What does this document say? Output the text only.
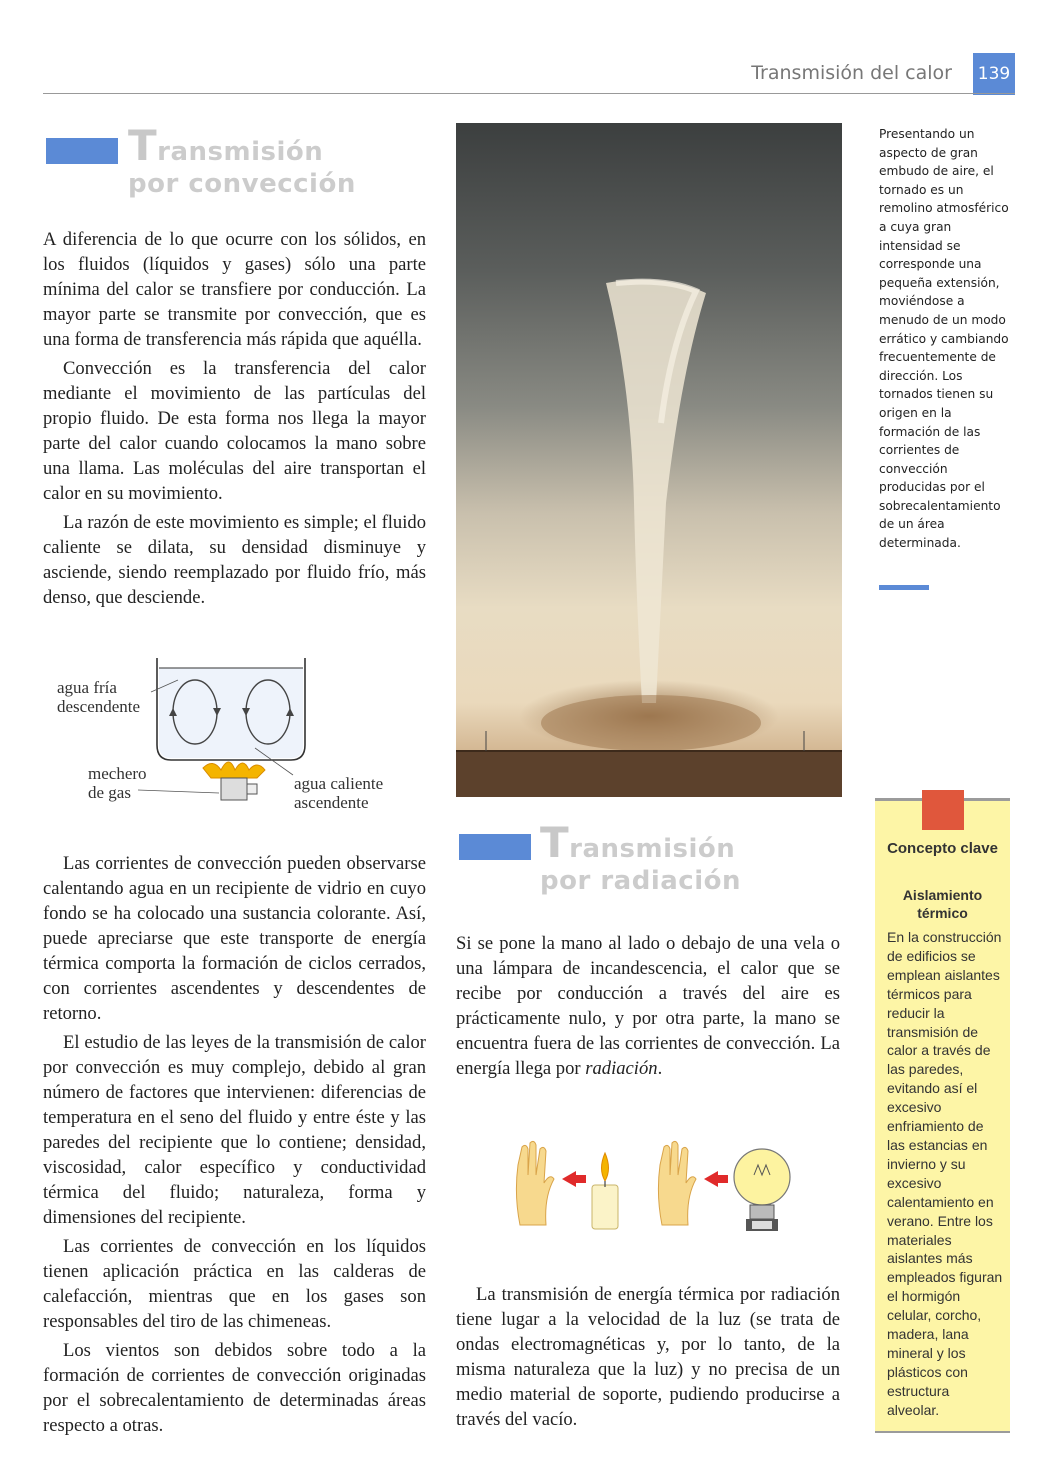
Transmisión del calor 139
Transmisión
por convección

A diferencia de lo que ocurre con los sólidos, en los fluidos (líquidos y gases) sólo una parte mínima del calor se transfiere por conducción. La mayor parte se transmite por convección, que es una forma de transferencia más rápida que aquélla.

Convección es la transferencia del calor mediante el movimiento de las partículas del propio fluido. De esta forma nos llega la mayor parte del calor cuando colocamos la mano sobre una llama. Las moléculas del aire transportan el calor en su movimiento.

La razón de este movimiento es simple; el fluido caliente se dilata, su densidad disminuye y asciende, siendo reemplazado por fluido frío, más denso, que desciende.

agua fría
descendente
mechero
de gas	agua caliente
ascendente

Las corrientes de convección pueden observarse calentando agua en un recipiente de vidrio en cuyo fondo se ha colocado una sustancia colorante. Así, puede apreciarse que este transporte de energía térmica comporta la formación de ciclos cerrados, con corrientes ascendentes y descendentes de retorno.

El estudio de las leyes de la transmisión de calor por convección es muy complejo, debido al gran número de factores que intervienen: diferencias de temperatura en el seno del fluido y entre éste y las paredes del recipiente que lo contiene; densidad, viscosidad, calor específico y conductividad térmica del fluido; naturaleza, forma y dimensiones del recipiente.

Las corrientes de convección en los líquidos tienen aplicación práctica en las calderas de calefacción, mientras que en los gases son responsables del tiro de las chimeneas.

Los vientos son debidos sobre todo a la formación de corrientes de convección originadas por el sobrecalentamiento de determinadas áreas respecto a otras.

Presentando un aspecto de gran embudo de aire, el tornado es un remolino atmosférico a cuya gran intensidad se corresponde una pequeña extensión, moviéndose a menudo de un modo errático y cambiando frecuentemente de dirección. Los tornados tienen su origen en la formación de las corrientes de convección producidas por el sobrecalentamiento de un área determinada.
Transmisión
por radiación

Si se pone la mano al lado o debajo de una vela o una lámpara de incandescencia, el calor que se recibe por conducción a través del aire es prácticamente nulo, y por otra parte, la mano se encuentra fuera de las corrientes de convección. La energía llega por radiación.

La transmisión de energía térmica por radiación tiene lugar a la velocidad de la luz (se trata de ondas electromagnéticas y, por lo tanto, de la misma naturaleza que la luz) y no precisa de un medio material de soporte, pudiendo producirse a través del vacío.

Concepto clave
Aislamiento térmico
En la construcción de edificios se emplean aislantes térmicos para reducir la transmisión de calor a través de las paredes, evitando así el excesivo enfriamiento de las estancias en invierno y su excesivo calentamiento en verano. Entre los materiales aislantes más empleados figuran el hormigón celular, corcho, madera, lana mineral y los plásticos con estructura alveolar.
